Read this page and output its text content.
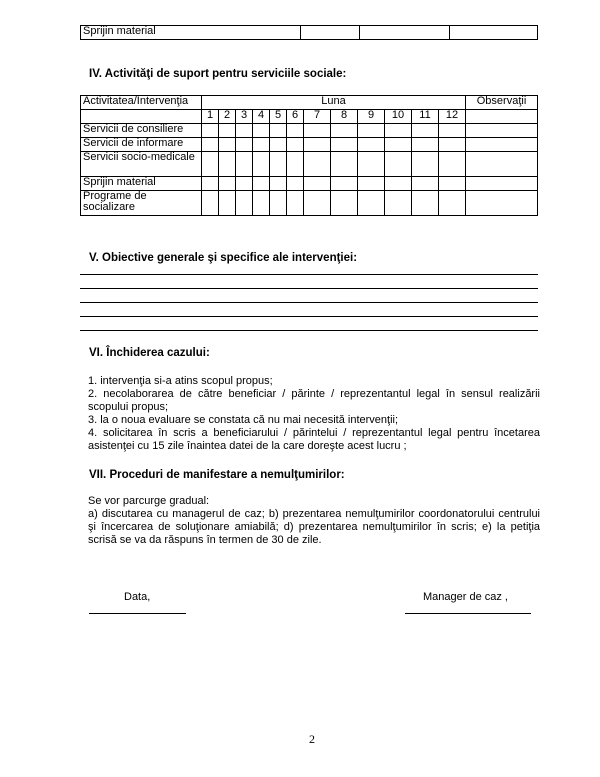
Sprijin material			
IV. Activităţi de suport pentru serviciile sociale:
Activitatea/Intervenţia	Luna												Observaţii
	1	2	3	4	5	6	7	8	9	10	11	12	
Servicii de consiliere													
Servicii de informare													
Servicii socio-medicale													
Sprijin material													
Programe de socializare													
V. Obiective generale şi specifice ale intervenţiei:
VI. Închiderea cazului:
1. intervenţia si-a atins scopul propus;
2. necolaborarea de către beneficiar / părinte / reprezentantul legal în sensul realizării scopului propus;
3. la o noua evaluare se constata că nu mai necesită intervenţii;
4. solicitarea în scris a beneficiarului / părintelui / reprezentantul legal pentru încetarea asistenţei cu 15 zile înaintea datei de la care doreşte acest lucru ;
VII. Proceduri de manifestare a nemulţumirilor:
Se vor parcurge gradual:
a) discutarea cu managerul de caz; b) prezentarea nemulţumirilor coordonatorului centrului şi încercarea de soluţionare amiabilă; d) prezentarea nemulţumirilor în scris; e) la petiţia scrisă se va da răspuns în termen de 30 de zile.
Data,	Manager de caz ,
2
